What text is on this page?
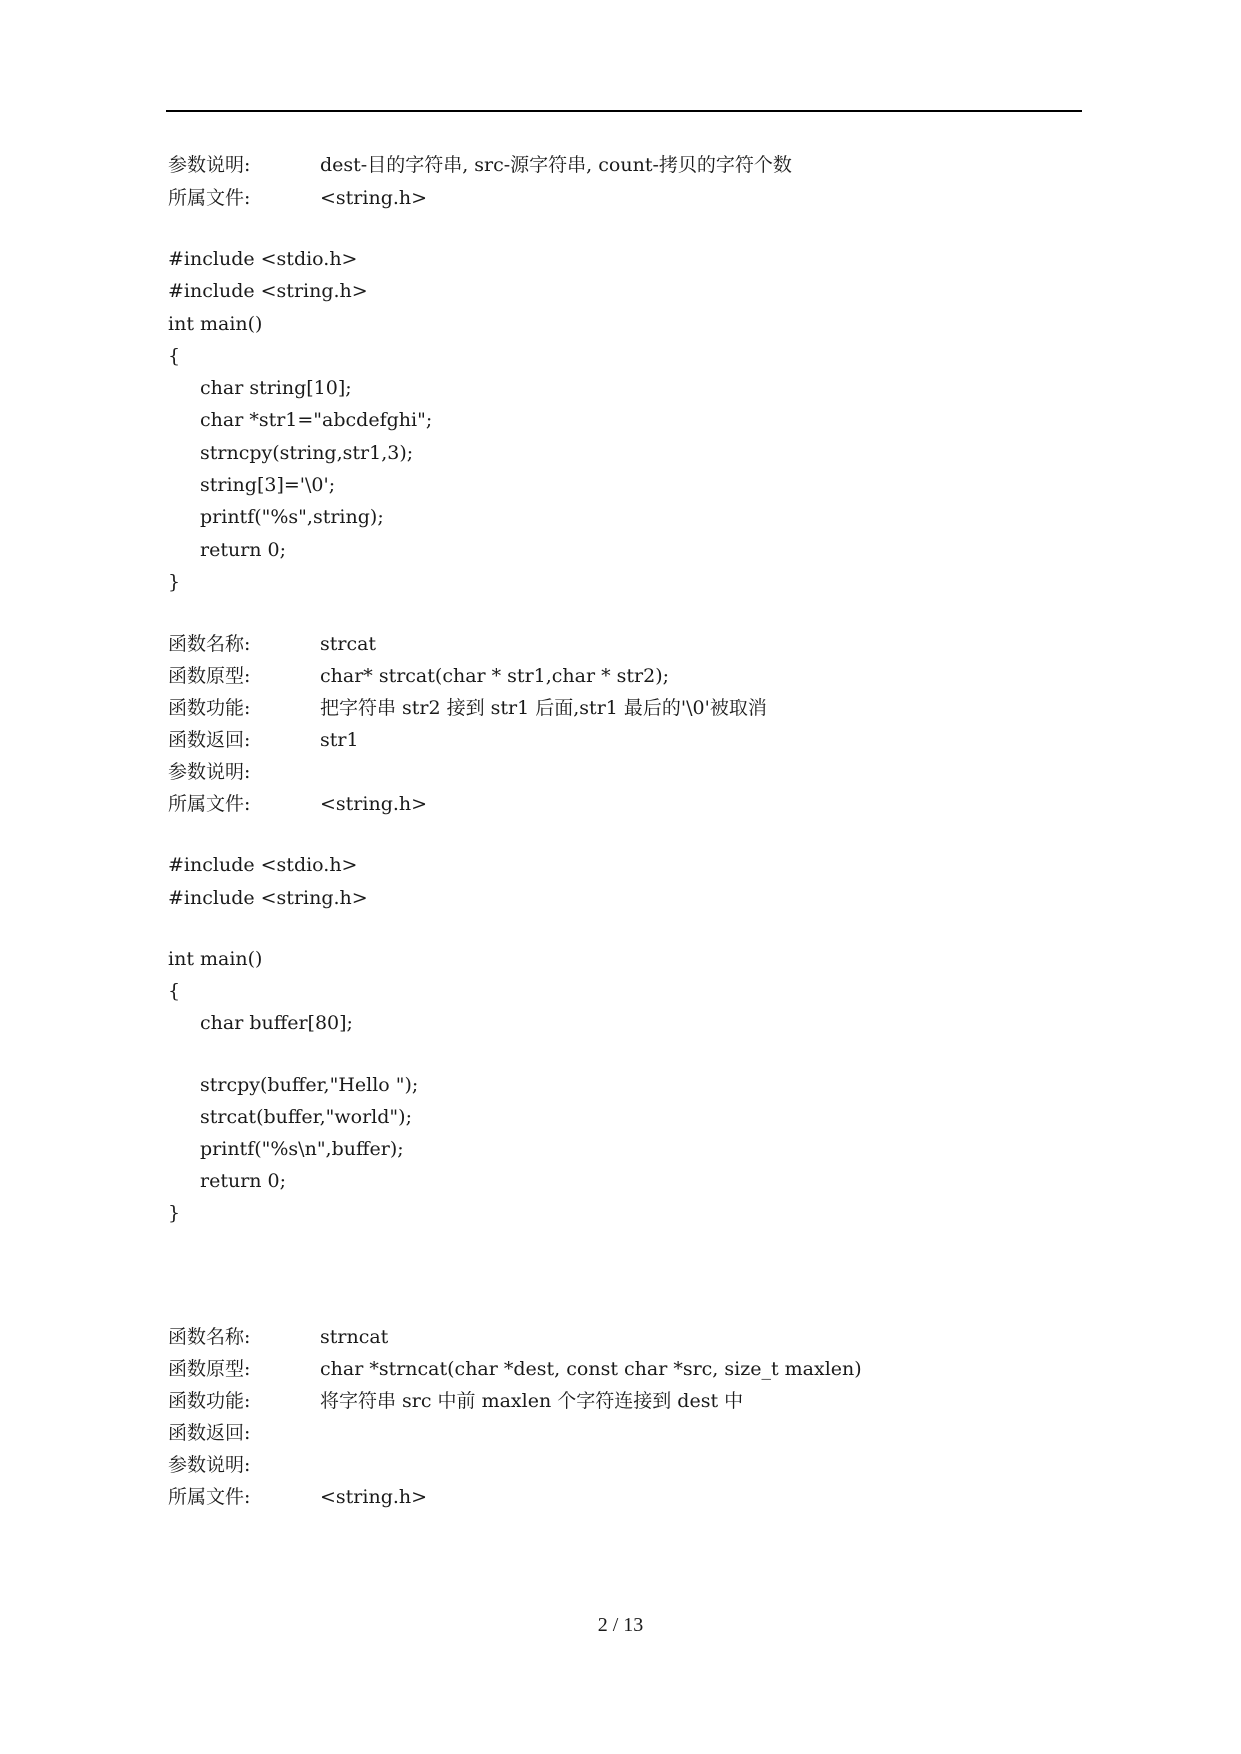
参数说明:	dest-目的字符串, src-源字符串, count-拷贝的字符个数
所属文件:	<string.h>
#include <stdio.h>
#include <string.h>
int main()
{
char string[10];
char *str1="abcdefghi";
strncpy(string,str1,3);
string[3]='\0';
printf("%s",string);
return 0;
}
函数名称:	strcat
函数原型:	char* strcat(char * str1,char * str2);
函数功能:	把字符串 str2 接到 str1 后面,str1 最后的'\0'被取消
函数返回:	str1
参数说明:
所属文件:	<string.h>
#include <stdio.h>
#include <string.h>
int main()
{
char buffer[80];
strcpy(buffer,"Hello ");
strcat(buffer,"world");
printf("%s\n",buffer);
return 0;
}
函数名称:	strncat
函数原型:	char *strncat(char *dest, const char *src, size_t maxlen)
函数功能:	将字符串 src 中前 maxlen 个字符连接到 dest 中
函数返回:
参数说明:
所属文件:	<string.h>
2 / 13
